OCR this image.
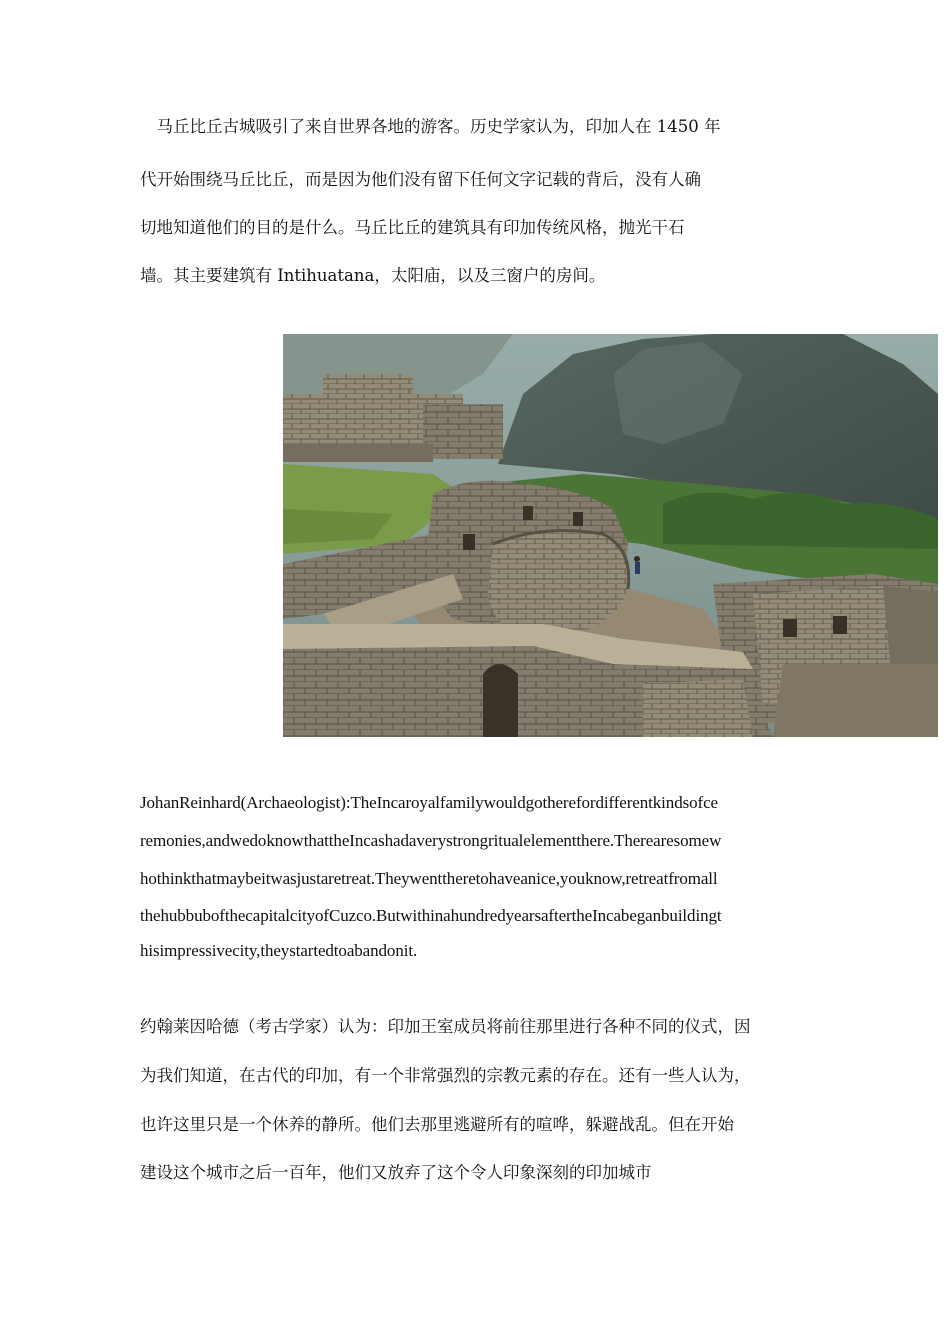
　马丘比丘古城吸引了来自世界各地的游客。历史学家认为，印加人在 1450 年
代开始围绕马丘比丘，而是因为他们没有留下任何文字记载的背后，没有人确
切地知道他们的目的是什么。马丘比丘的建筑具有印加传统风格，抛光干石
墙。其主要建筑有 Intihuatana，太阳庙，以及三窗户的房间。
JohanReinhard(Archaeologist):TheIncaroyalfamilywouldgotherefordifferentkindsofce
remonies,andwedoknowthattheIncashadaverystrongritualelementthere.Therearesomew
hothinkthatmaybeitwasjustaretreat.Theywenttheretohaveanice,youknow,retreatfromall
thehubbubofthecapitalcityofCuzco.ButwithinahundredyearsaftertheIncabeganbuildingt
hisimpressivecity,theystartedtoabandonit.
约翰莱因哈德（考古学家）认为：印加王室成员将前往那里进行各种不同的仪式，因
为我们知道，在古代的印加，有一个非常强烈的宗教元素的存在。还有一些人认为，
也许这里只是一个休养的静所。他们去那里逃避所有的喧哗，躲避战乱。但在开始
建设这个城市之后一百年，他们又放弃了这个令人印象深刻的印加城市
